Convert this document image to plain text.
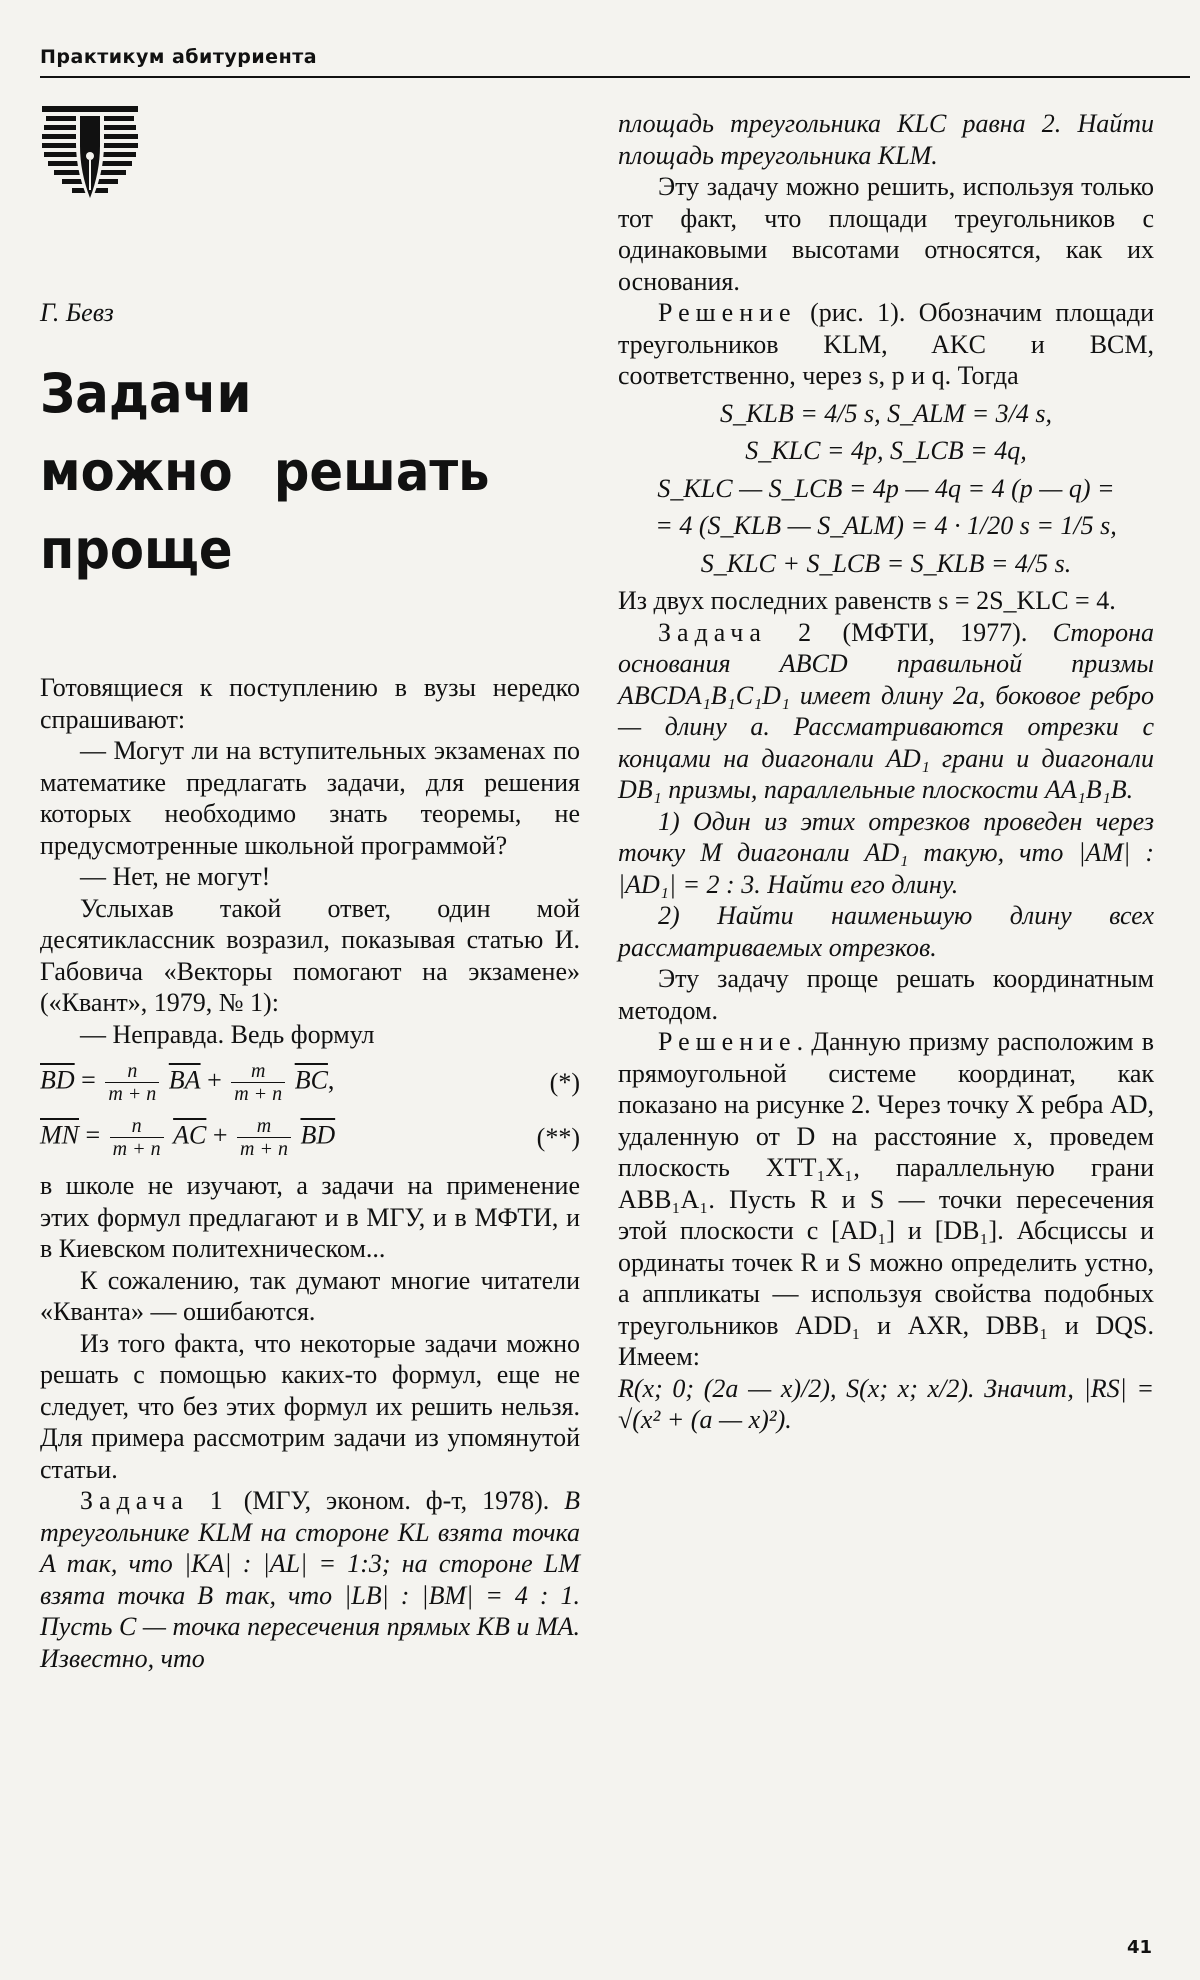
Практикум абитуриента
Г. Бевз
Задачи
можно решать
проще

Готовящиеся к поступлению в вузы нередко спрашивают:

— Могут ли на вступительных экзаменах по математике предлагать задачи, для решения которых необходимо знать теоремы, не предусмотренные школьной программой?

— Нет, не могут!

Услыхав такой ответ, один мой десятиклассник возразил, показывая статью И. Габовича «Векторы помогают на экзамене» («Квант», 1979, № 1):

— Неправда. Ведь формул

$\overline{BD} = \frac{n}{m + n} \overline{BA} + \frac{m}{m + n} \overline{BC}$,	(*)
$\overline{MN} = \frac{n}{m + n} \overline{AC} + \frac{m}{m + n} \overline{BD}$	(**)

в школе не изучают, а задачи на применение этих формул предлагают и в МГУ, и в МФТИ, и в Киевском политехническом...

К сожалению, так думают многие читатели «Кванта» — ошибаются.

Из того факта, что некоторые задачи можно решать с помощью каких-то формул, еще не следует, что без этих формул их решить нельзя. Для примера рассмотрим задачи из упомянутой статьи.

Задача 1 (МГУ, эконом. ф-т, 1978). В треугольнике KLM на стороне KL взята точка A так, что |KA| : |AL| = 1:3; на стороне LM взята точка B так, что |LB| : |BM| = 4 : 1. Пусть C — точка пересечения прямых KB и MA. Известно, что

площадь треугольника KLC равна 2. Найти площадь треугольника KLM.

Эту задачу можно решить, используя только тот факт, что площади треугольников с одинаковыми высотами относятся, как их основания.

Решение (рис. 1). Обозначим площади треугольников KLM, AKC и BCM, соответственно, через s, p и q. Тогда

S_KLB = 4/5 s, S_ALM = 3/4 s,
S_KLC = 4p, S_LCB = 4q,
S_KLC — S_LCB = 4p — 4q = 4 (p — q) =
= 4 (S_KLB — S_ALM) = 4 · 1/20 s = 1/5 s,
S_KLC + S_LCB = S_KLB = 4/5 s.

Из двух последних равенств s = 2S_KLC = 4.

Задача 2 (МФТИ, 1977). Сторона основания ABCD правильной призмы ABCDA₁B₁C₁D₁ имеет длину 2a, боковое ребро — длину a. Рассматриваются отрезки с концами на диагонали AD₁ грани и диагонали DB₁ призмы, параллельные плоскости AA₁B₁B.

1) Один из этих отрезков проведен через точку M диагонали AD₁ такую, что |AM| : |AD₁| = 2 : 3. Найти его длину.

2) Найти наименьшую длину всех рассматриваемых отрезков.

Эту задачу проще решать координатным методом.

Решение. Данную призму расположим в прямоугольной системе координат, как показано на рисунке 2. Через точку X ребра AD, удаленную от D на расстояние x, проведем плоскость XTT₁X₁, параллельную грани ABB₁A₁. Пусть R и S — точки пересечения этой плоскости с [AD₁] и [DB₁]. Абсциссы и ординаты точек R и S можно определить устно, а аппликаты — используя свойства подобных треугольников ADD₁ и AXR, DBB₁ и DQS. Имеем:

R(x; 0; (2a — x)/2), S(x; x; x/2). Значит, |RS| = √(x² + (a — x)²).

41
